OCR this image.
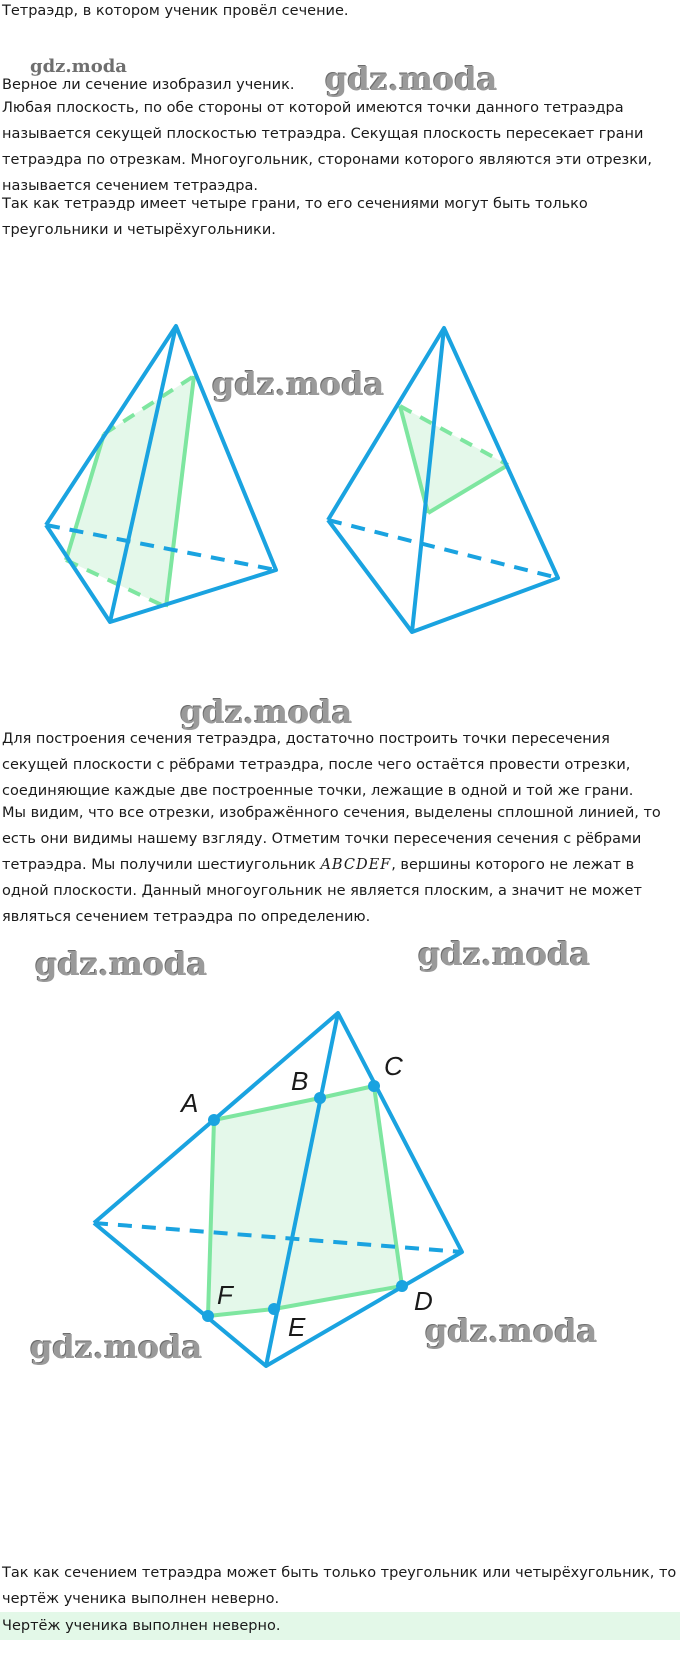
Тетраэдр, в котором ученик провёл сечение.

gdz.moda	gdz.moda

Верное ли сечение изобразил ученик.

Любая плоскость, по обе стороны от которой имеются точки данного тетраэдра называется секущей плоскостью тетраэдра. Секущая плоскость пересекает грани тетраэдра по отрезкам. Многоугольник, сторонами которого являются эти отрезки, называется сечением тетраэдра.

Так как тетраэдр имеет четыре грани, то его сечениями могут быть только треугольники и четырёхугольники.

gdz.moda
gdz.moda

Для построения сечения тетраэдра, достаточно построить точки пересечения секущей плоскости с рёбрами тетраэдра, после чего остаётся провести отрезки, соединяющие каждые две построенные точки, лежащие в одной и той же грани.

Мы видим, что все отрезки, изображённого сечения, выделены сплошной линией, то есть они видимы нашему взгляду. Отметим точки пересечения сечения с рёбрами тетраэдра. Мы получили шестиугольник ABCDEF, вершины которого не лежат в одной плоскости. Данный многоугольник не является плоским, а значит не может являться сечением тетраэдра по определению.

gdz.moda	gdz.moda
A
B	C
D
E
F
gdz.moda	gdz.moda

Так как сечением тетраэдра может быть только треугольник или четырёхугольник, то чертёж ученика выполнен неверно.

Чертёж ученика выполнен неверно.
